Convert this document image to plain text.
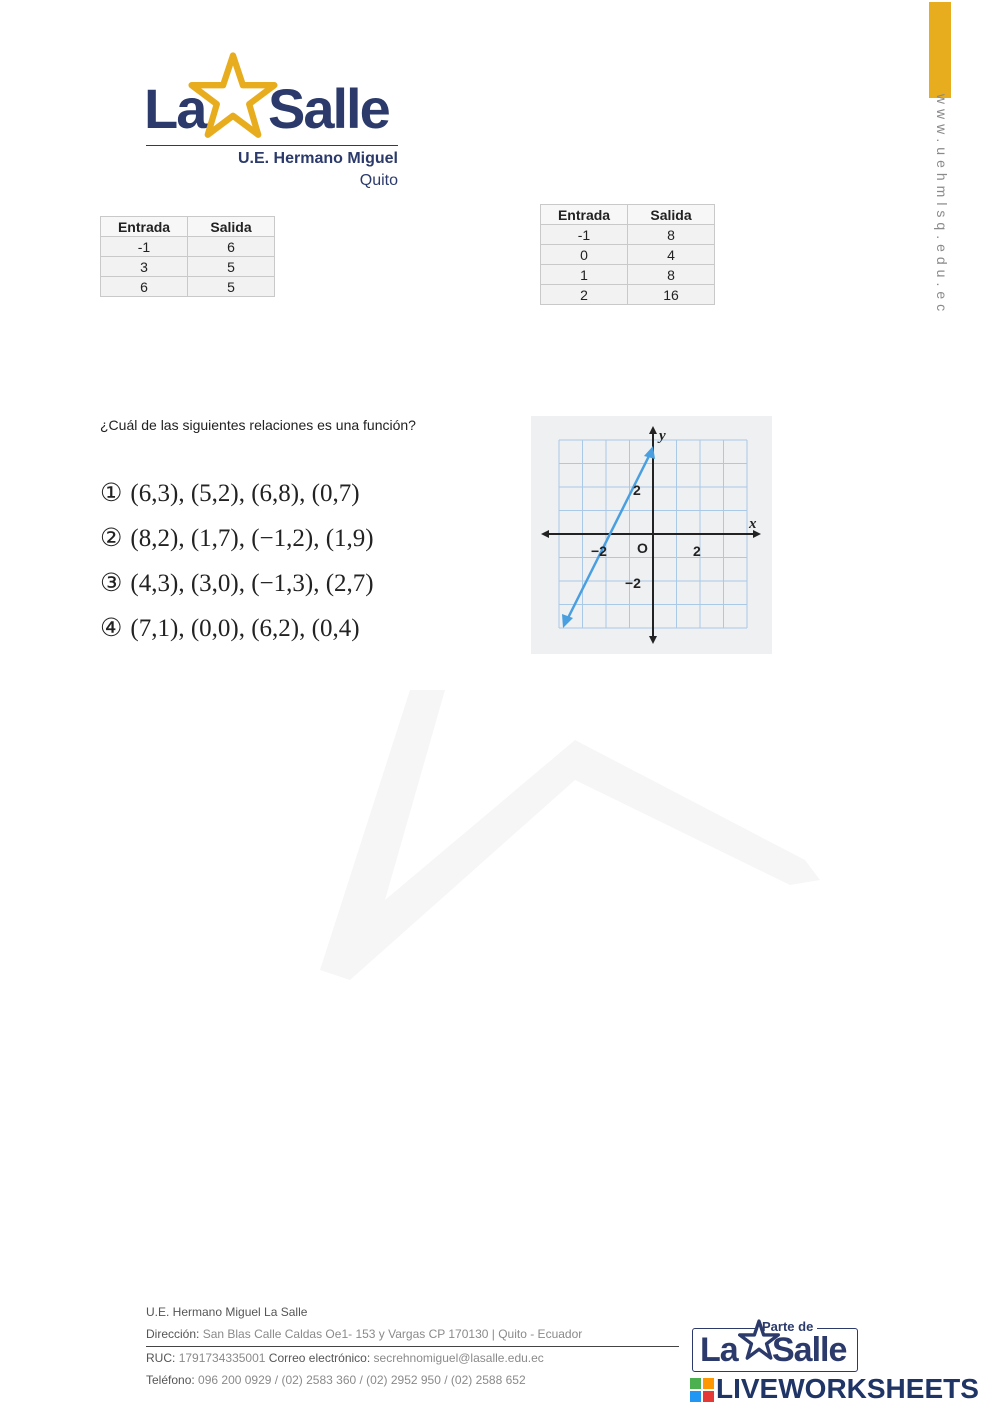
www.uehmlsq.edu.ec
La Salle
U.E. Hermano Miguel
Quito
Entrada	Salida
-1	6
3	5
6	5
Entrada	Salida
-1	8
0	4
1	8
2	16
¿Cuál de las siguientes relaciones es una función?
① (6,3), (5,2), (6,8), (0,7)
② (8,2), (1,7), (−1,2), (1,9)
③ (4,3), (3,0), (−1,3), (2,7)
④ (7,1), (0,0), (6,2), (0,4)
y
x
O
−2	2
2
−2
U.E. Hermano Miguel La Salle
Dirección: San Blas Calle Caldas Oe1- 153 y Vargas CP 170130 | Quito - Ecuador
RUC: 1791734335001 Correo electrónico: secrehnomiguel@lasalle.edu.ec
Teléfono: 096 200 0929 / (02) 2583 360 / (02) 2952 950 / (02) 2588 652
Parte de
La Salle
LIVEWORKSHEETS
